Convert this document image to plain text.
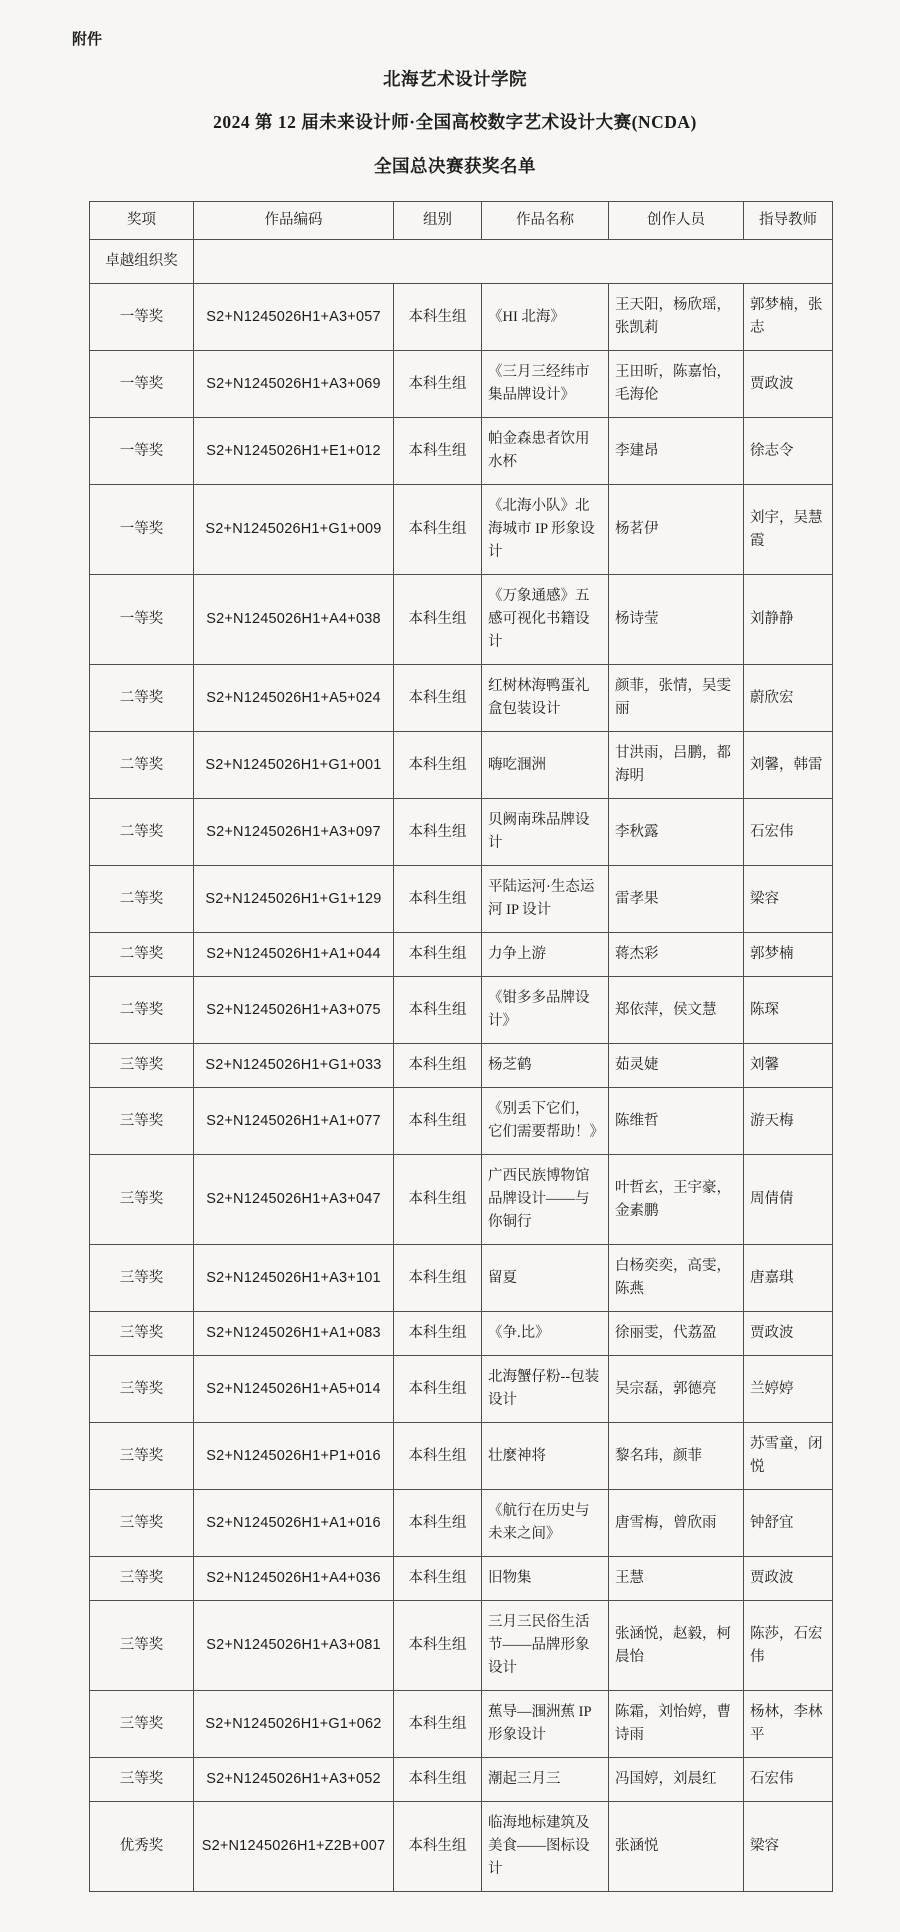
附件
北海艺术设计学院
2024 第 12 届未来设计师·全国高校数字艺术设计大赛(NCDA)
全国总决赛获奖名单
奖项	作品编码	组别	作品名称	创作人员	指导教师
卓越组织奖					
一等奖	S2+N1245026H1+A3+057	本科生组	《HI 北海》	王天阳，杨欣瑶，张凯莉	郭梦楠，张志
一等奖	S2+N1245026H1+A3+069	本科生组	《三月三经纬市集品牌设计》	王田昕，陈嘉怡，毛海伦	贾政波
一等奖	S2+N1245026H1+E1+012	本科生组	帕金森患者饮用水杯	李建昂	徐志令
一等奖	S2+N1245026H1+G1+009	本科生组	《北海小队》北海城市 IP 形象设计	杨茗伊	刘宇，吴慧霞
一等奖	S2+N1245026H1+A4+038	本科生组	《万象通感》五感可视化书籍设计	杨诗莹	刘静静
二等奖	S2+N1245026H1+A5+024	本科生组	红树林海鸭蛋礼盒包装设计	颜菲，张情，吴雯丽	蔚欣宏
二等奖	S2+N1245026H1+G1+001	本科生组	嗨吃涠洲	甘洪雨，吕鹏，都海明	刘馨，韩雷
二等奖	S2+N1245026H1+A3+097	本科生组	贝阙南珠品牌设计	李秋露	石宏伟
二等奖	S2+N1245026H1+G1+129	本科生组	平陆运河·生态运河 IP 设计	雷孝果	梁容
二等奖	S2+N1245026H1+A1+044	本科生组	力争上游	蒋杰彩	郭梦楠
二等奖	S2+N1245026H1+A3+075	本科生组	《钳多多品牌设计》	郑依萍，侯文慧	陈琛
三等奖	S2+N1245026H1+G1+033	本科生组	杨芝鹤	茹灵婕	刘馨
三等奖	S2+N1245026H1+A1+077	本科生组	《别丢下它们，它们需要帮助！》	陈维哲	游天梅
三等奖	S2+N1245026H1+A3+047	本科生组	广西民族博物馆品牌设计——与你铜行	叶哲玄，王宇豪，金素鹏	周倩倩
三等奖	S2+N1245026H1+A3+101	本科生组	留夏	白杨奕奕，高雯，陈燕	唐嘉琪
三等奖	S2+N1245026H1+A1+083	本科生组	《争.比》	徐丽雯，代荔盈	贾政波
三等奖	S2+N1245026H1+A5+014	本科生组	北海蟹仔粉--包装设计	吴宗磊，郭德亮	兰婷婷
三等奖	S2+N1245026H1+P1+016	本科生组	壮麼神将	黎名玮，颜菲	苏雪童，闭悦
三等奖	S2+N1245026H1+A1+016	本科生组	《航行在历史与未来之间》	唐雪梅，曾欣雨	钟舒宜
三等奖	S2+N1245026H1+A4+036	本科生组	旧物集	王慧	贾政波
三等奖	S2+N1245026H1+A3+081	本科生组	三月三民俗生活节——品牌形象设计	张涵悦，赵毅，柯晨怡	陈莎，石宏伟
三等奖	S2+N1245026H1+G1+062	本科生组	蕉导—涠洲蕉 IP 形象设计	陈霜，刘怡婷，曹诗雨	杨林，李林平
三等奖	S2+N1245026H1+A3+052	本科生组	潮起三月三	冯国婷，刘晨红	石宏伟
优秀奖	S2+N1245026H1+Z2B+007	本科生组	临海地标建筑及美食——图标设计	张涵悦	梁容
